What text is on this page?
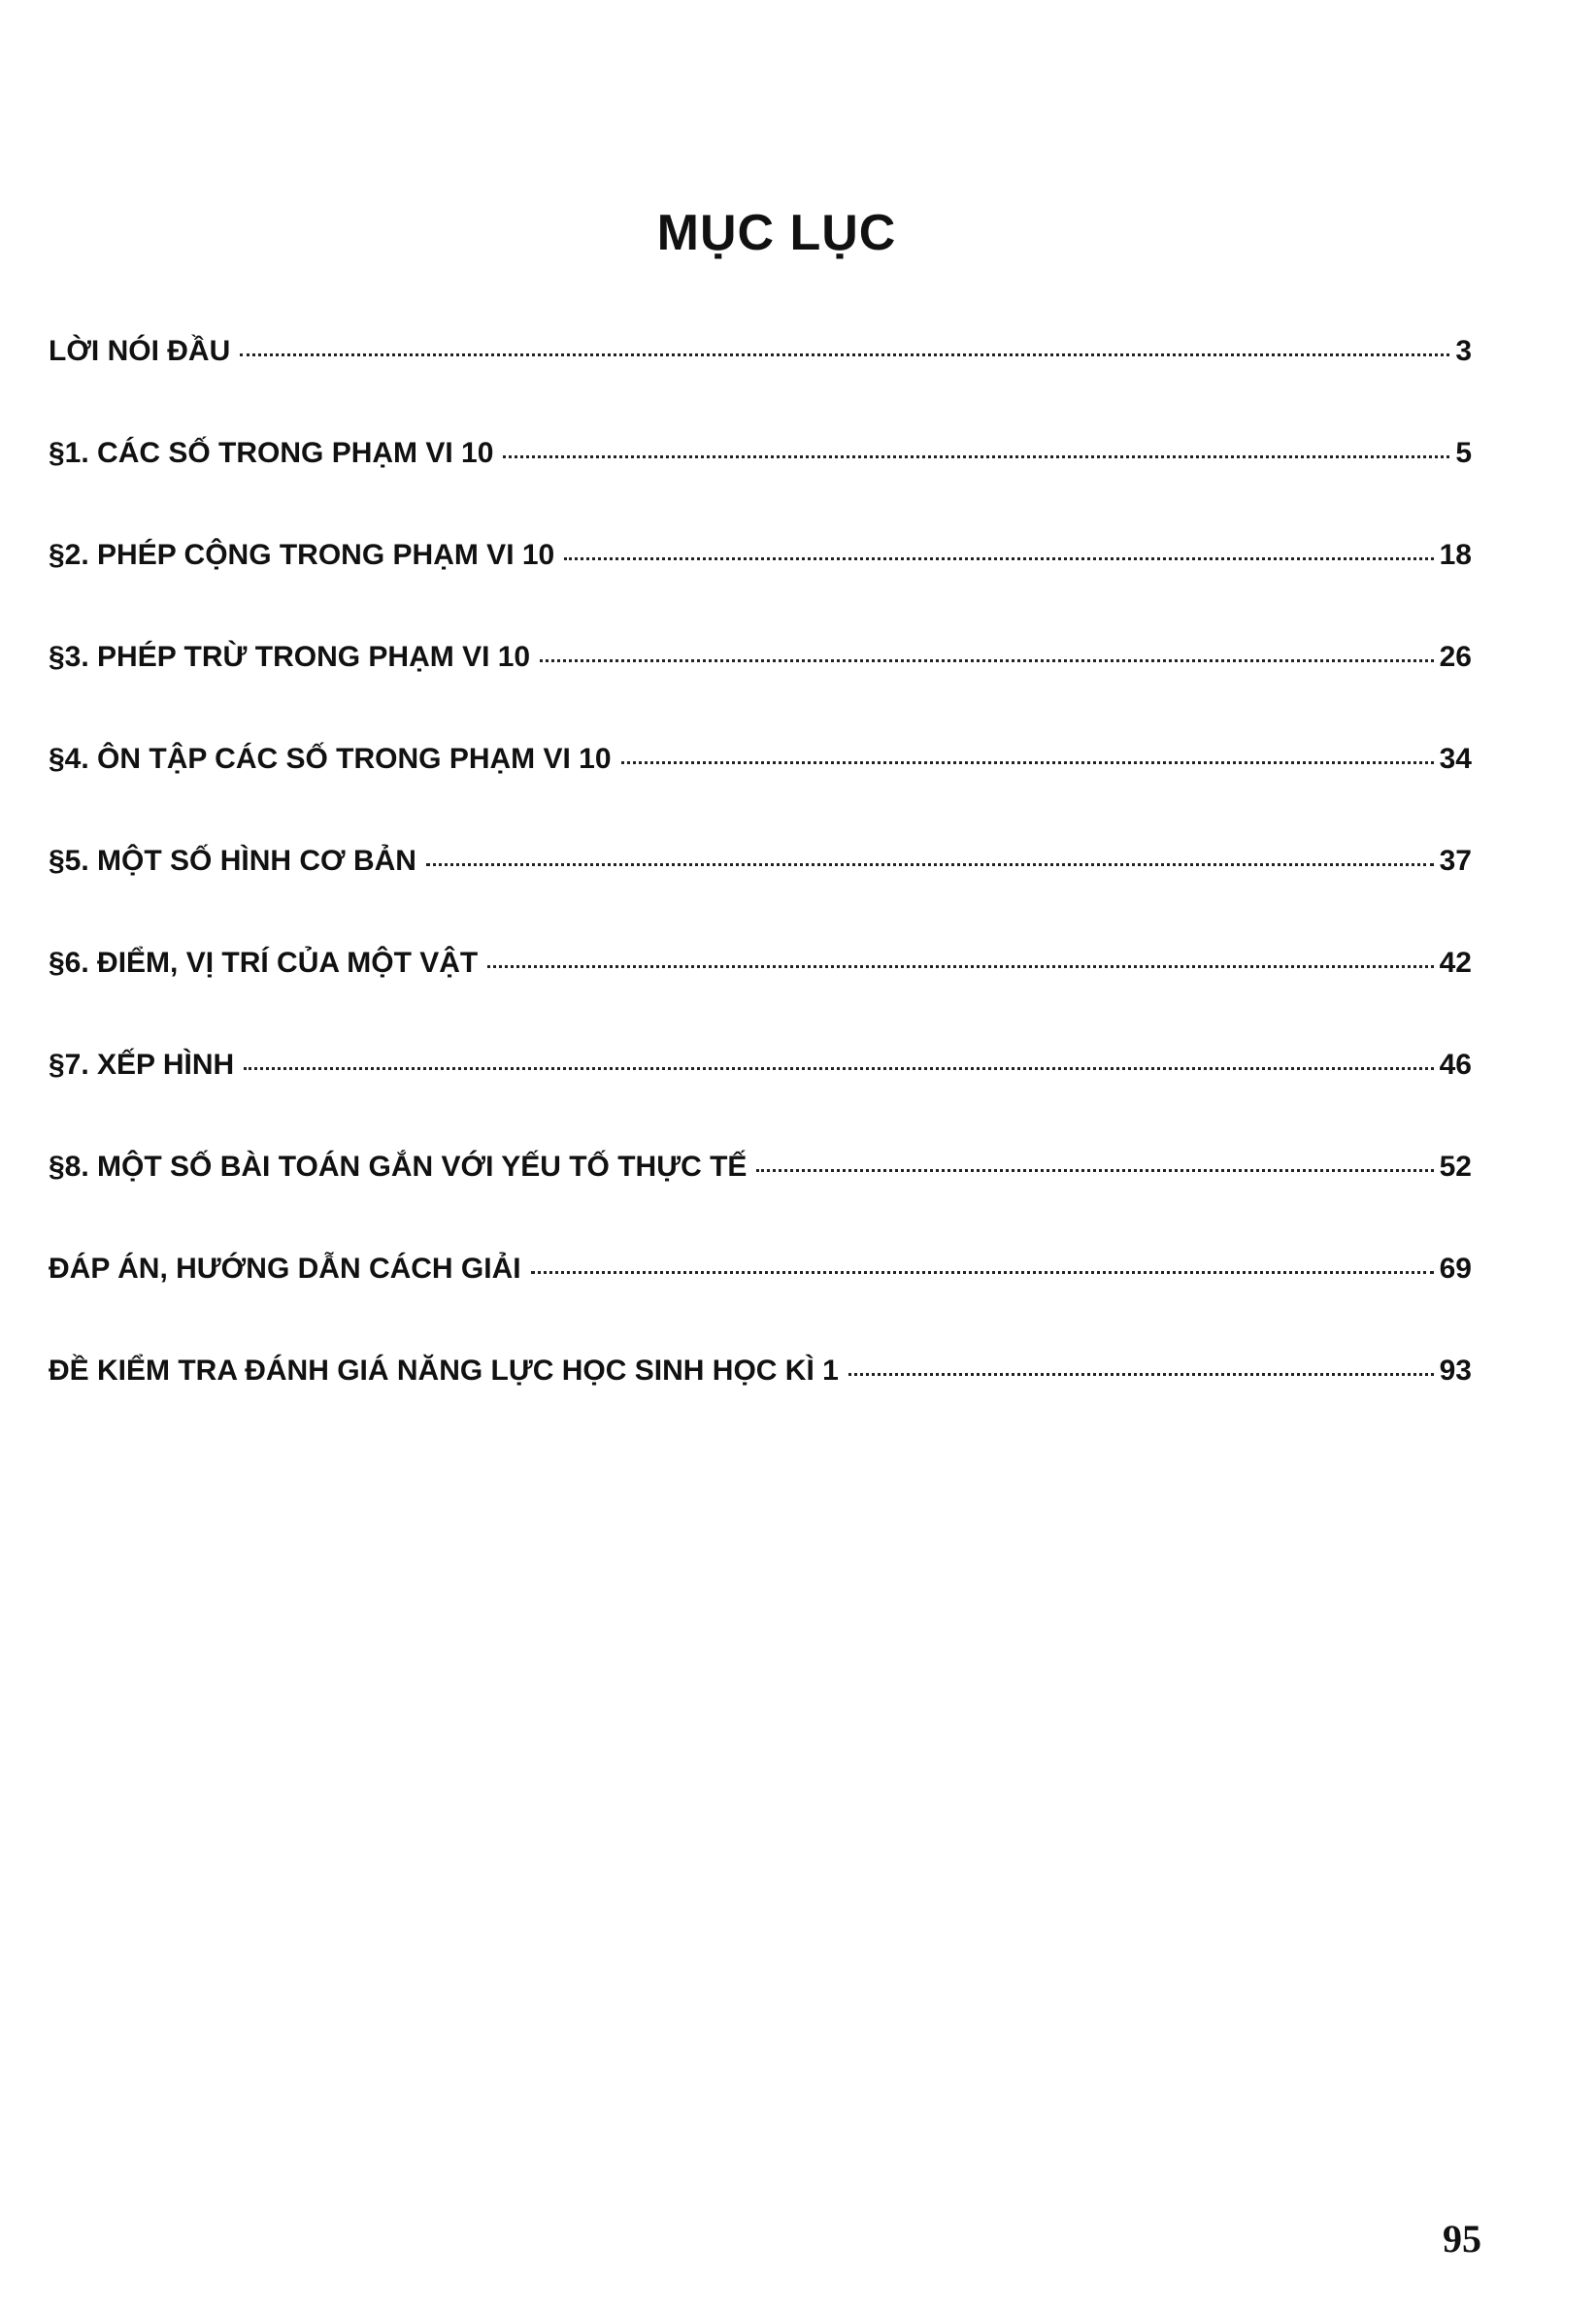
MỤC LỤC
LỜI NÓI ĐẦU	3
§1. CÁC SỐ TRONG PHẠM VI 10	5
§2. PHÉP CỘNG TRONG PHẠM VI 10	18
§3. PHÉP TRỪ TRONG PHẠM VI 10	26
§4. ÔN TẬP CÁC SỐ TRONG PHẠM VI 10	34
§5. MỘT SỐ HÌNH CƠ BẢN	37
§6. ĐIỂM, VỊ TRÍ CỦA MỘT VẬT	42
§7. XẾP HÌNH	46
§8. MỘT SỐ BÀI TOÁN GẮN VỚI YẾU TỐ THỰC TẾ	52
ĐÁP ÁN, HƯỚNG DẪN CÁCH GIẢI	69
ĐỀ KIỂM TRA ĐÁNH GIÁ NĂNG LỰC HỌC SINH HỌC KÌ 1	93
95
